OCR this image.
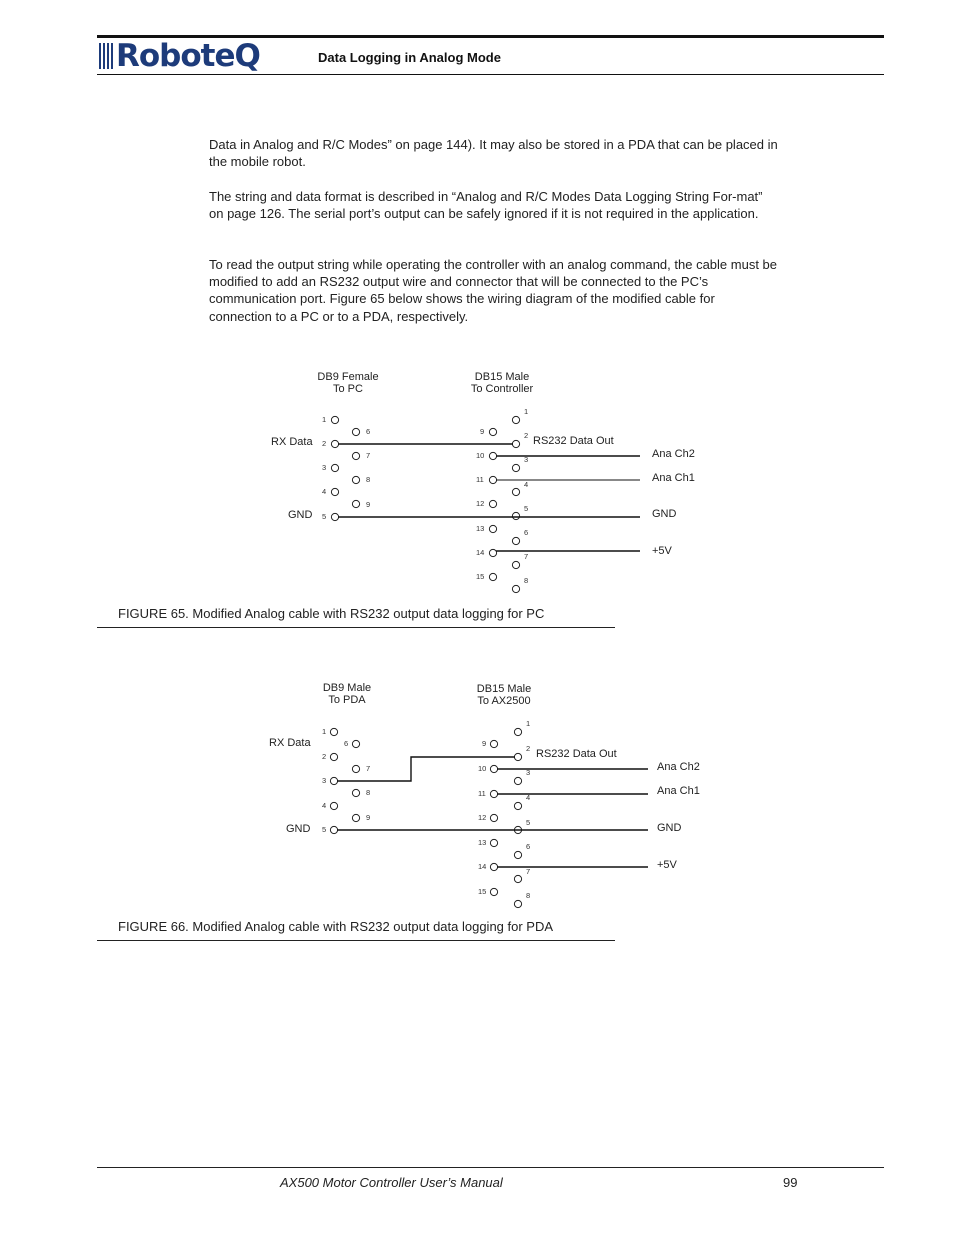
RoboteQ	Data Logging in Analog Mode

Data in Analog and R/C Modes” on page 144). It may also be stored in a PDA that can be placed in the mobile robot.

The string and data format is described in “Analog and R/C Modes Data Logging String For-mat” on page 126. The serial port’s output can be safely ignored if it is not required in the application.

To read the output string while operating the controller with an analog command, the cable must be modified to add an RS232 output wire and connector that will be connected to the PC’s communication port. Figure 65 below shows the wiring diagram of the modified cable for connection to a PC or to a PDA, respectively.

DB9 Female
To PC
DB15 Male
To Controller
RX Data
GND
RS232 Data Out
Ana Ch2
Ana Ch1
GND
+5V
1
2
3
4
5
6
7
8
9
9
10
11
12
13
14
15
1
2
3
4
5
6
7
8
FIGURE 65. Modified Analog cable with RS232 output data logging for PC
DB9 Male
To PDA
DB15 Male
To AX2500
RX Data
GND
RS232 Data Out
Ana Ch2
Ana Ch1
GND
+5V
1
2
3
4
5
6
7
8
9
9
10
11
12
13
14
15
1
2
3
4
5
6
7
8
FIGURE 66. Modified Analog cable with RS232 output data logging for PDA
AX500 Motor Controller User’s Manual	99
